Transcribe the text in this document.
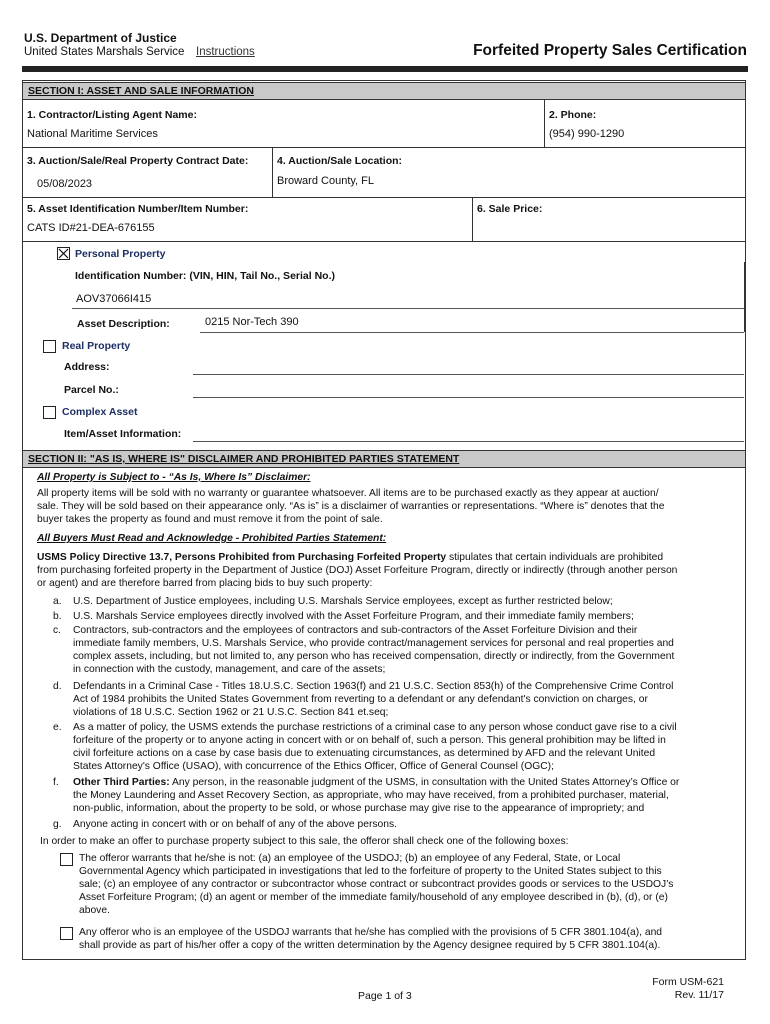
U.S. Department of Justice
United States Marshals Service Instructions	Forfeited Property Sales Certification
SECTION I: ASSET AND SALE INFORMATION
1. Contractor/Listing Agent Name:
National Maritime Services
2. Phone:
(954) 990-1290
3. Auction/Sale/Real Property Contract Date:
05/08/2023
4. Auction/Sale Location:
Broward County, FL
5. Asset Identification Number/Item Number:
CATS ID#21-DEA-676155
6. Sale Price:
Personal Property
Identification Number: (VIN, HIN, Tail No., Serial No.)
AOV37066I415
Asset Description:	0215 Nor-Tech 390
Real Property
Address:
Parcel No.:
Complex Asset
Item/Asset Information:
SECTION II: "AS IS, WHERE IS" DISCLAIMER AND PROHIBITED PARTIES STATEMENT
All Property is Subject to - “As Is, Where Is” Disclaimer:
All property items will be sold with no warranty or guarantee whatsoever. All items are to be purchased exactly as they appear at auction/
sale. They will be sold based on their appearance only. “As is” is a disclaimer of warranties or representations. “Where is” denotes that the
buyer takes the property as found and must remove it from the point of sale.
All Buyers Must Read and Acknowledge - Prohibited Parties Statement:
USMS Policy Directive 13.7, Persons Prohibited from Purchasing Forfeited Property stipulates that certain individuals are prohibited
from purchasing forfeited property in the Department of Justice (DOJ) Asset Forfeiture Program, directly or indirectly (through another person
or agent) and are therefore barred from placing bids to buy such property:
a. U.S. Department of Justice employees, including U.S. Marshals Service employees, except as further restricted below;
b. U.S. Marshals Service employees directly involved with the Asset Forfeiture Program, and their immediate family members;
c. Contractors, sub-contractors and the employees of contractors and sub-contractors of the Asset Forfeiture Division and their
immediate family members, U.S. Marshals Service, who provide contract/management services for personal and real properties and
complex assets, including, but not limited to, any person who has received compensation, directly or indirectly, from the Government
in connection with the custody, management, and care of the assets;
d. Defendants in a Criminal Case - Titles 18.U.S.C. Section 1963(f) and 21 U.S.C. Section 853(h) of the Comprehensive Crime Control
Act of 1984 prohibits the United States Government from reverting to a defendant or any defendant's conviction on charges, or
violations of 18 U.S.C. Section 1962 or 21 U.S.C. Section 841 et.seq;
e. As a matter of policy, the USMS extends the purchase restrictions of a criminal case to any person whose conduct gave rise to a civil
forfeiture of the property or to anyone acting in concert with or on behalf of, such a person. This general prohibition may be lifted in
civil forfeiture actions on a case by case basis due to extenuating circumstances, as determined by AFD and the relevant United
States Attorney's Office (USAO), with concurrence of the Ethics Officer, Office of General Counsel (OGC);
f. Other Third Parties: Any person, in the reasonable judgment of the USMS, in consultation with the United States Attorney’s Office or
the Money Laundering and Asset Recovery Section, as appropriate, who may have received, from a prohibited purchaser, material,
non-public, information, about the property to be sold, or whose purchase may give rise to the appearance of impropriety; and
g. Anyone acting in concert with or on behalf of any of the above persons.
In order to make an offer to purchase property subject to this sale, the offeror shall check one of the following boxes:
The offeror warrants that he/she is not: (a) an employee of the USDOJ; (b) an employee of any Federal, State, or Local
Governmental Agency which participated in investigations that led to the forfeiture of property to the United States subject to this
sale; (c) an employee of any contractor or subcontractor whose contract or subcontract provides goods or services to the USDOJ’s
Asset Forfeiture Program; (d) an agent or member of the immediate family/household of any employee described in (b), (d), or (e)
above.
Any offeror who is an employee of the USDOJ warrants that he/she has complied with the provisions of 5 CFR 3801.104(a), and
shall provide as part of his/her offer a copy of the written determination by the Agency designee required by 5 CFR 3801.104(a).
Page 1 of 3
Form USM-621
Rev. 11/17
